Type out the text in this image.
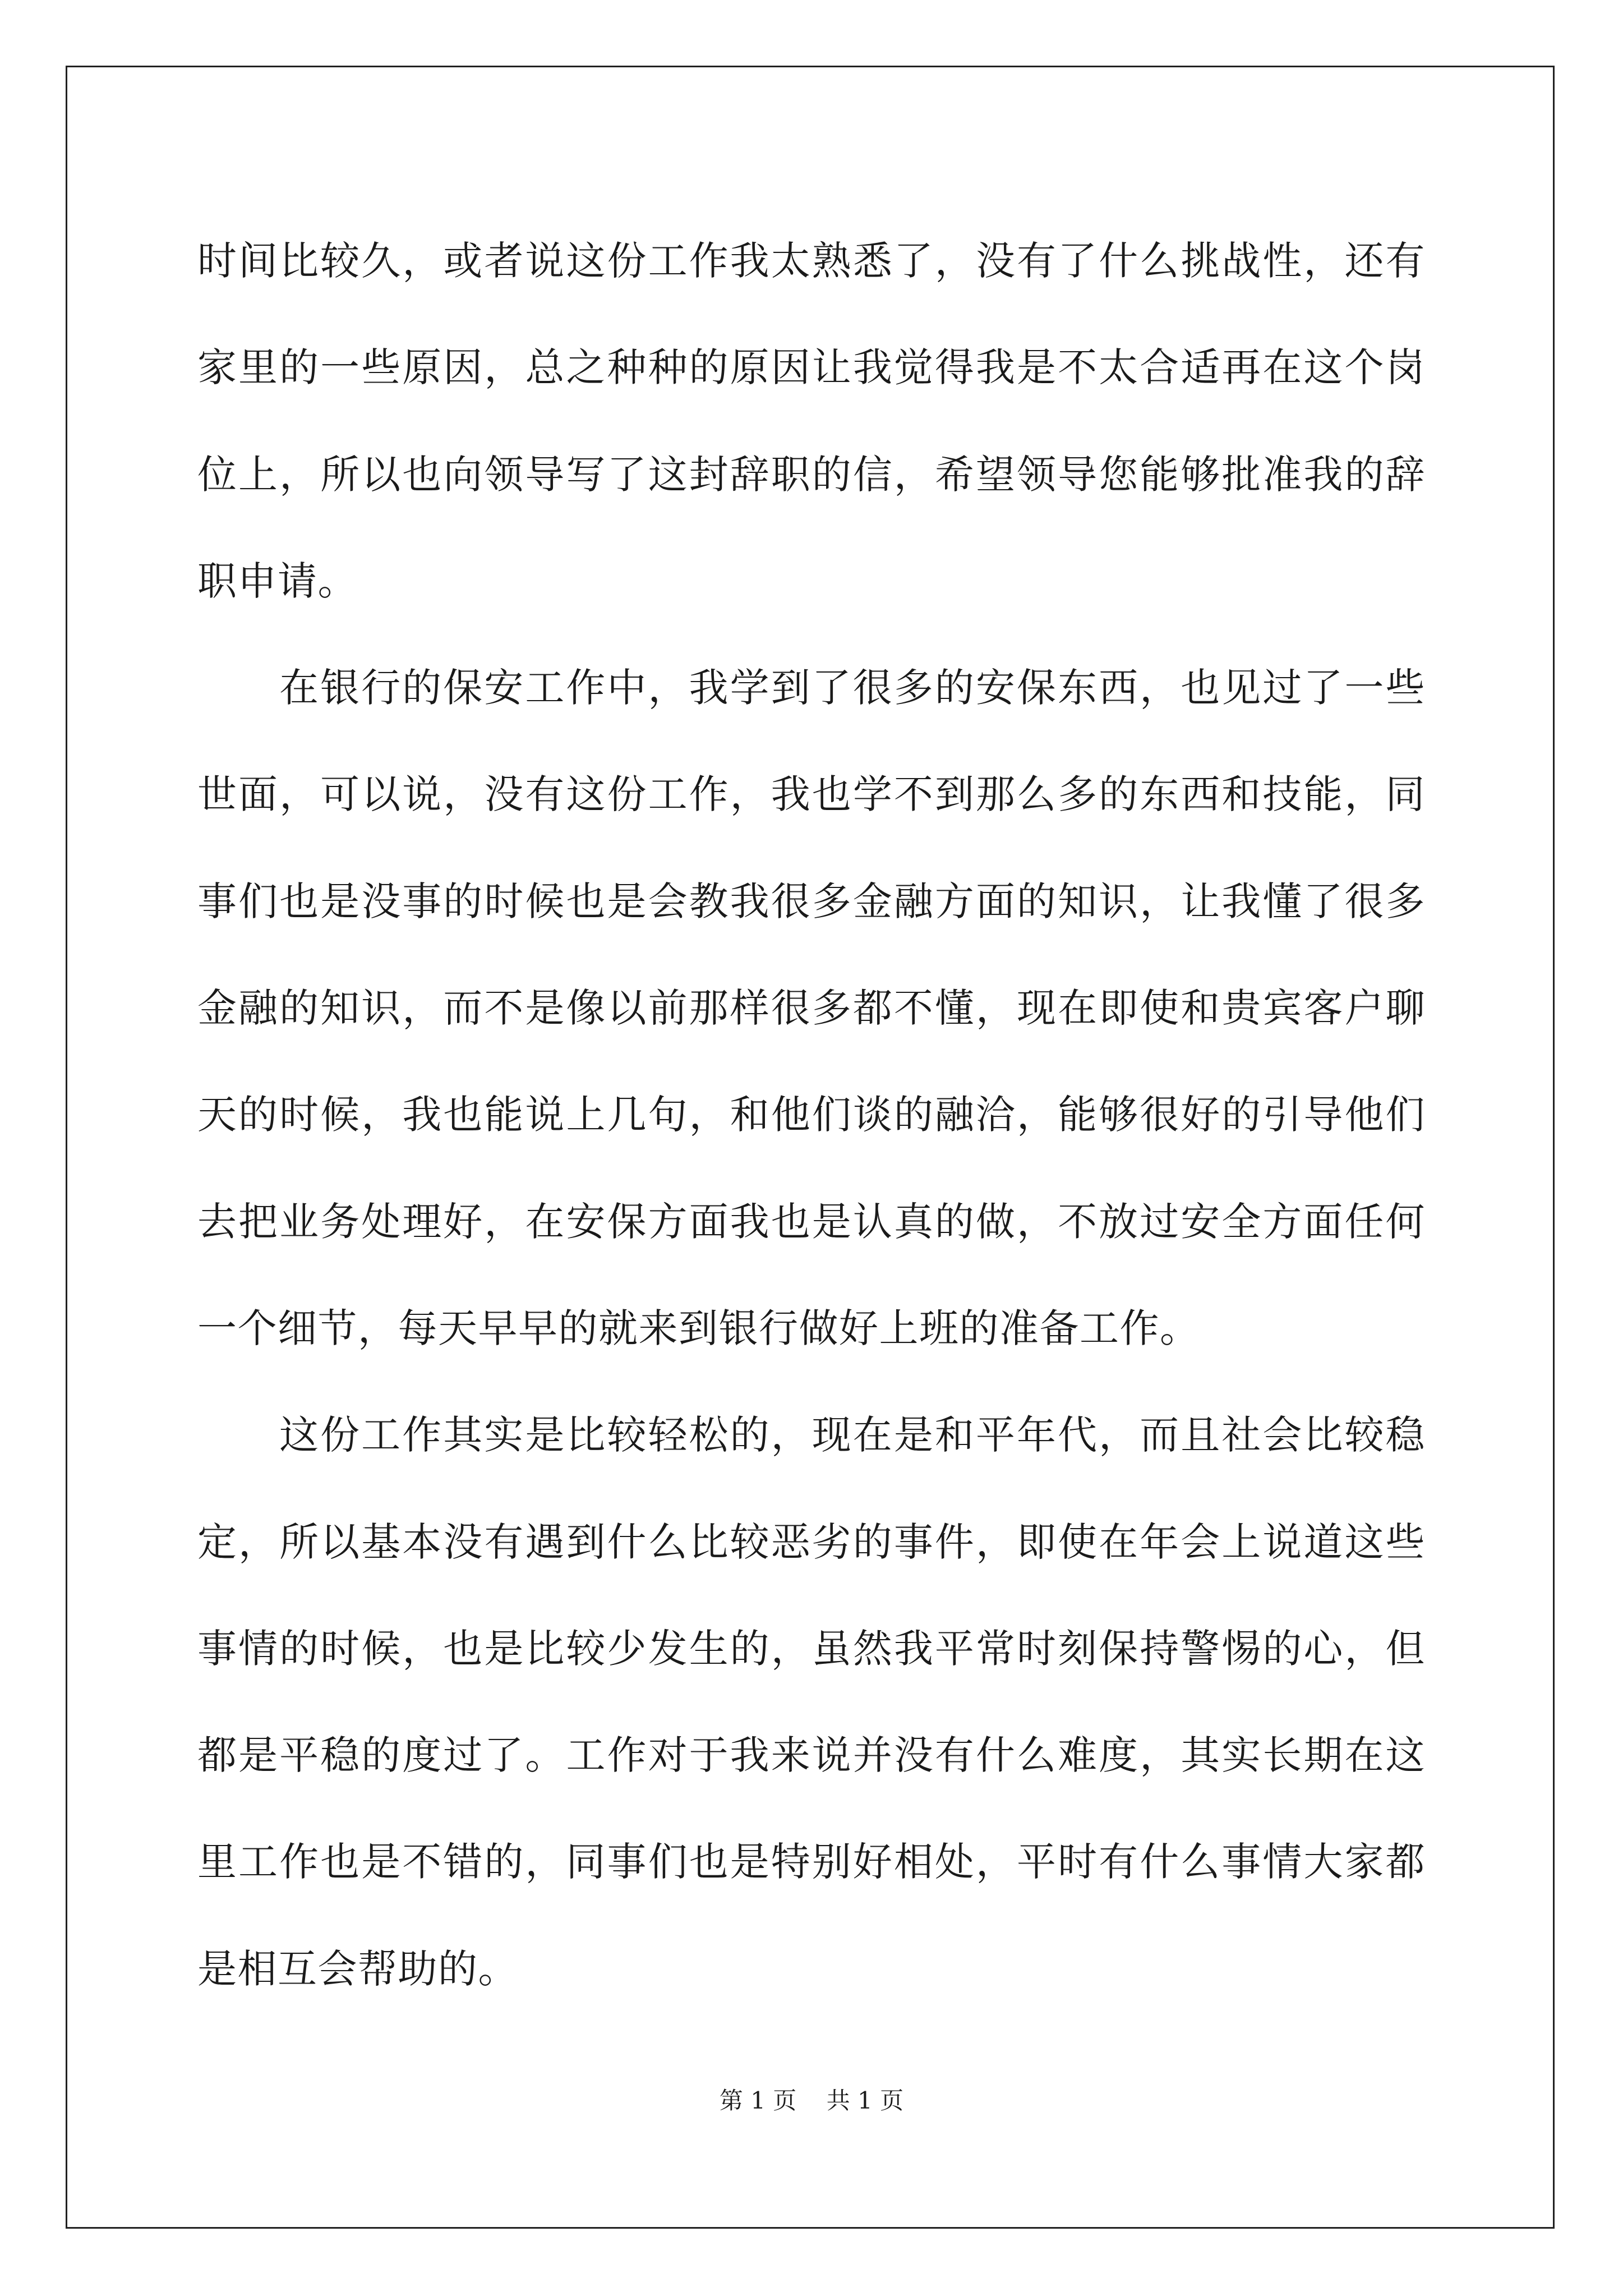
时间比较久，或者说这份工作我太熟悉了，没有了什么挑战性，还有家里的一些原因，总之种种的原因让我觉得我是不太合适再在这个岗位上，所以也向领导写了这封辞职的信，希望领导您能够批准我的辞职申请。

在银行的保安工作中，我学到了很多的安保东西，也见过了一些世面，可以说，没有这份工作，我也学不到那么多的东西和技能，同事们也是没事的时候也是会教我很多金融方面的知识，让我懂了很多金融的知识，而不是像以前那样很多都不懂，现在即使和贵宾客户聊天的时候，我也能说上几句，和他们谈的融洽，能够很好的引导他们去把业务处理好，在安保方面我也是认真的做，不放过安全方面任何一个细节，每天早早的就来到银行做好上班的准备工作。

这份工作其实是比较轻松的，现在是和平年代，而且社会比较稳定，所以基本没有遇到什么比较恶劣的事件，即使在年会上说道这些事情的时候，也是比较少发生的，虽然我平常时刻保持警惕的心，但都是平稳的度过了。工作对于我来说并没有什么难度，其实长期在这里工作也是不错的，同事们也是特别好相处，平时有什么事情大家都是相互会帮助的。

第 1 页    共 1 页
